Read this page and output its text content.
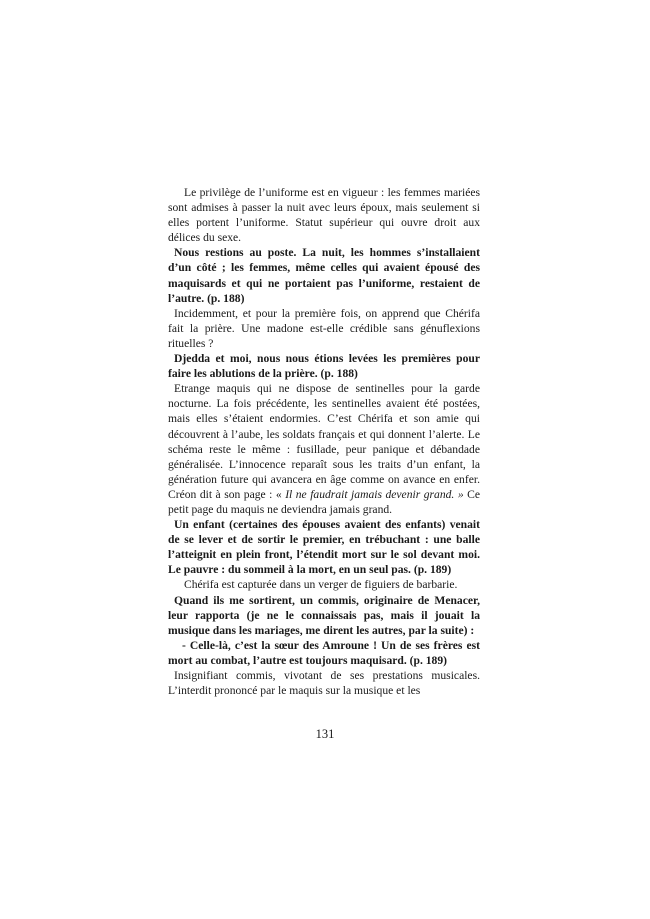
Le privilège de l’uniforme est en vigueur : les femmes mariées sont admises à passer la nuit avec leurs époux, mais seulement si elles portent l’uniforme. Statut supérieur qui ouvre droit aux délices du sexe.

Nous restions au poste. La nuit, les hommes s’installaient d’un côté ; les femmes, même celles qui avaient épousé des maquisards et qui ne portaient pas l’uniforme, restaient de l’autre. (p. 188)

Incidemment, et pour la première fois, on apprend que Chérifa fait la prière. Une madone est-elle crédible sans génuflexions rituelles ?

Djedda et moi, nous nous étions levées les premières pour faire les ablutions de la prière. (p. 188)

Etrange maquis qui ne dispose de sentinelles pour la garde nocturne. La fois précédente, les sentinelles avaient été postées, mais elles s’étaient endormies. C’est Chérifa et son amie qui découvrent à l’aube, les soldats français et qui donnent l’alerte. Le schéma reste le même : fusillade, peur panique et débandade généralisée. L’innocence reparaît sous les traits d’un enfant, la génération future qui avancera en âge comme on avance en enfer. Créon dit à son page : « Il ne faudrait jamais devenir grand. » Ce petit page du maquis ne deviendra jamais grand.

Un enfant (certaines des épouses avaient des enfants) venait de se lever et de sortir le premier, en trébuchant : une balle l’atteignit en plein front, l’étendit mort sur le sol devant moi. Le pauvre : du sommeil à la mort, en un seul pas. (p. 189)

Chérifa est capturée dans un verger de figuiers de barbarie.

Quand ils me sortirent, un commis, originaire de Menacer, leur rapporta (je ne le connaissais pas, mais il jouait la musique dans les mariages, me dirent les autres, par la suite) :

- Celle-là, c’est la sœur des Amroune ! Un de ses frères est mort au combat, l’autre est toujours maquisard. (p. 189)

Insignifiant commis, vivotant de ses prestations musicales. L’interdit prononcé par le maquis sur la musique et les

131
